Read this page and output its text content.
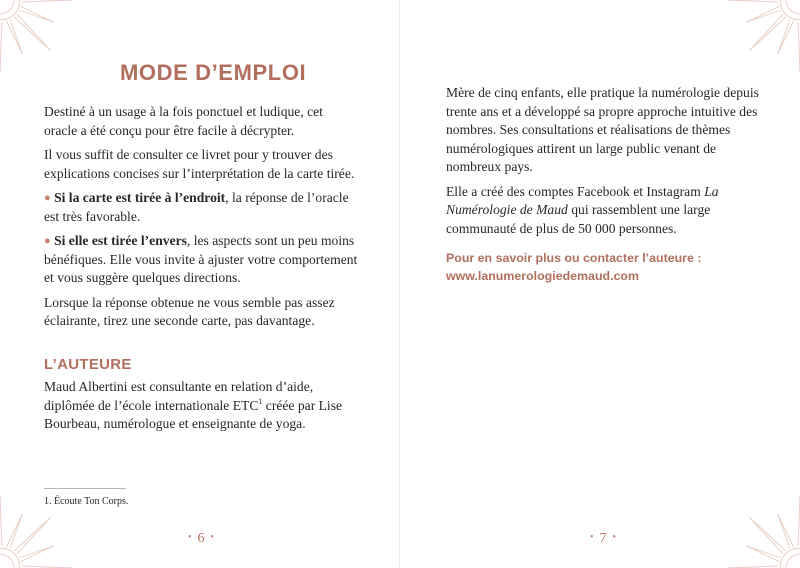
MODE D’EMPLOI

Destiné à un usage à la fois ponctuel et ludique, cet oracle a été conçu pour être facile à décrypter.

Il vous suffit de consulter ce livret pour y trouver des explications concises sur l’interprétation de la carte tirée.

● Si la carte est tirée à l’endroit, la réponse de l’oracle est très favorable.

● Si elle est tirée l’envers, les aspects sont un peu moins bénéfiques. Elle vous invite à ajuster votre comportement et vous suggère quelques directions.

Lorsque la réponse obtenue ne vous semble pas assez éclairante, tirez une seconde carte, pas davantage.

L’AUTEURE

Maud Albertini est consultante en relation d’aide, diplômée de l’école internationale ETC$^1$ créée par Lise Bourbeau, numérologue et enseignante de yoga.

1. Écoute Ton Corps.
• 6 •

Mère de cinq enfants, elle pratique la numérologie depuis trente ans et a développé sa propre approche intuitive des nombres. Ses consultations et réalisations de thèmes numérologiques attirent un large public venant de nombreux pays.

Elle a créé des comptes Facebook et Instagram La Numérologie de Maud qui rassemblent une large communauté de plus de 50 000 personnes.

Pour en savoir plus ou contacter l’auteure :
www.lanumerologiedemaud.com
• 7 •
